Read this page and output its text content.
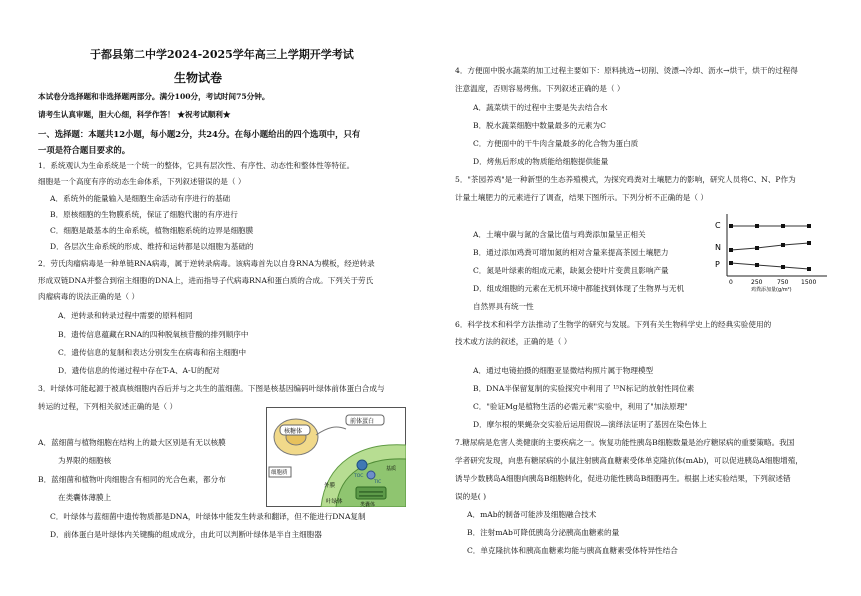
于都县第二中学2024-2025学年高三上学期开学考试
生物试卷
本试卷分选择题和非选择题两部分。满分100分，考试时间75分钟。
请考生认真审题，胆大心细，科学作答！ ★祝考试顺利★
一、选择题：本题共12小题，每小题2分，共24分。在每小题给出的四个选项中，只有
一项是符合题目要求的。
1．系统观认为生命系统是一个统一的整体，它具有层次性、有序性、动态性和整体性等特征。
细胞是一个高度有序的动态生命体系，下列叙述错误的是（ ）
A．系统外的能量输入是细胞生命活动有序进行的基础
B．原核细胞的生物膜系统，保证了细胞代谢的有序进行
C．细胞是最基本的生命系统，植物细胞系统的边界是细胞膜
D．各层次生命系统的形成、维持和运转都是以细胞为基础的
2．劳氏肉瘤病毒是一种单链RNA病毒，属于逆转录病毒。该病毒首先以自身RNA为模板，经逆转录
形成双链DNA并整合到宿主细胞的DNA上，进而指导子代病毒RNA和蛋白质的合成。下列关于劳氏
肉瘤病毒的说法正确的是（ ）
A．逆转录和转录过程中需要的原料相同
B．遗传信息蕴藏在RNA的四种脱氧核苷酸的排列顺序中
C．遗传信息的复制和表达分别发生在病毒和宿主细胞中
D．遗传信息的传递过程中存在T-A、A-U的配对
3．叶绿体可能起源于被真核细胞内吞后并与之共生的蓝细菌。下图是核基因编码叶绿体前体蛋白合成与
转运的过程，下列相关叙述正确的是（ ）
A．蓝细菌与植物细胞在结构上的最大区别是有无以核膜
为界限的细胞核
B．蓝细菌和植物叶肉细胞含有相同的光合色素，都分布
在类囊体薄膜上
C．叶绿体与蓝细菌中遗传物质都是DNA，叶绿体中能发生转录和翻译，但不能进行DNA复制
D．前体蛋白是叶绿体内关键酶的组成成分，由此可以判断叶绿体是半自主细胞器
核糖体
前体蛋白
TOC
TIC
细胞质
外膜
叶绿体	类囊体
基质
4．方便面中脱水蔬菜的加工过程主要如下：原料挑选→切削、烫漂→冷却、沥水→烘干，烘干的过程得
注意温度，否则容易烤焦。下列叙述正确的是（ ）
A．蔬菜烘干的过程中主要是失去结合水
B．脱水蔬菜细胞中数量最多的元素为C
C．方便面中的干牛肉含量最多的化合物为蛋白质
D．烤焦后形成的物质能给细胞提供能量
5．"茶园养鸡"是一种新型的生态养殖模式，为探究鸡粪对土壤肥力的影响，研究人员将C、N、P作为
计量土壤肥力的元素进行了调查，结果下图所示。下列分析不正确的是（ ）
A．土壤中碳与氮的含量比值与鸡粪添加量呈正相关
B．通过添加鸡粪可增加氮的相对含量来提高茶园土壤肥力
C．氮是叶绿素的组成元素，缺氮会使叶片变黄且影响产量
D．组成细胞的元素在无机环境中都能找到体现了生物界与无机
自然界具有统一性
C
N
P
0	250 750 1500
鸡粪添加量(g/m²)
6．科学技术和科学方法推动了生物学的研究与发展。下列有关生物科学史上的经典实验使用的
技术或方法的叙述，正确的是（ ）
A．通过电镜拍摄的细胞亚显微结构照片属于物理模型
B．DNA半保留复制的实验探究中利用了 ¹⁵N标记的放射性同位素
C．"验证Mg是植物生活的必需元素"实验中，利用了"加法原理"
D．摩尔根的果蝇杂交实验后运用假说—演绎法证明了基因在染色体上
7.糖尿病是危害人类健康的主要疾病之一。恢复功能性胰岛B细胞数量是治疗糖尿病的重要策略。我国
学者研究发现，向患有糖尿病的小鼠注射胰高血糖素受体单克隆抗体(mAb)，可以促进胰岛A细胞增殖，
诱导少数胰岛A细胞向胰岛B细胞转化，促进功能性胰岛B细胞再生。根据上述实验结果，下列叙述错
误的是( )
A．mAb的制备可能涉及细胞融合技术
B．注射mAb可降低胰岛分泌胰高血糖素的量
C．单克隆抗体和胰高血糖素均能与胰高血糖素受体特异性结合
